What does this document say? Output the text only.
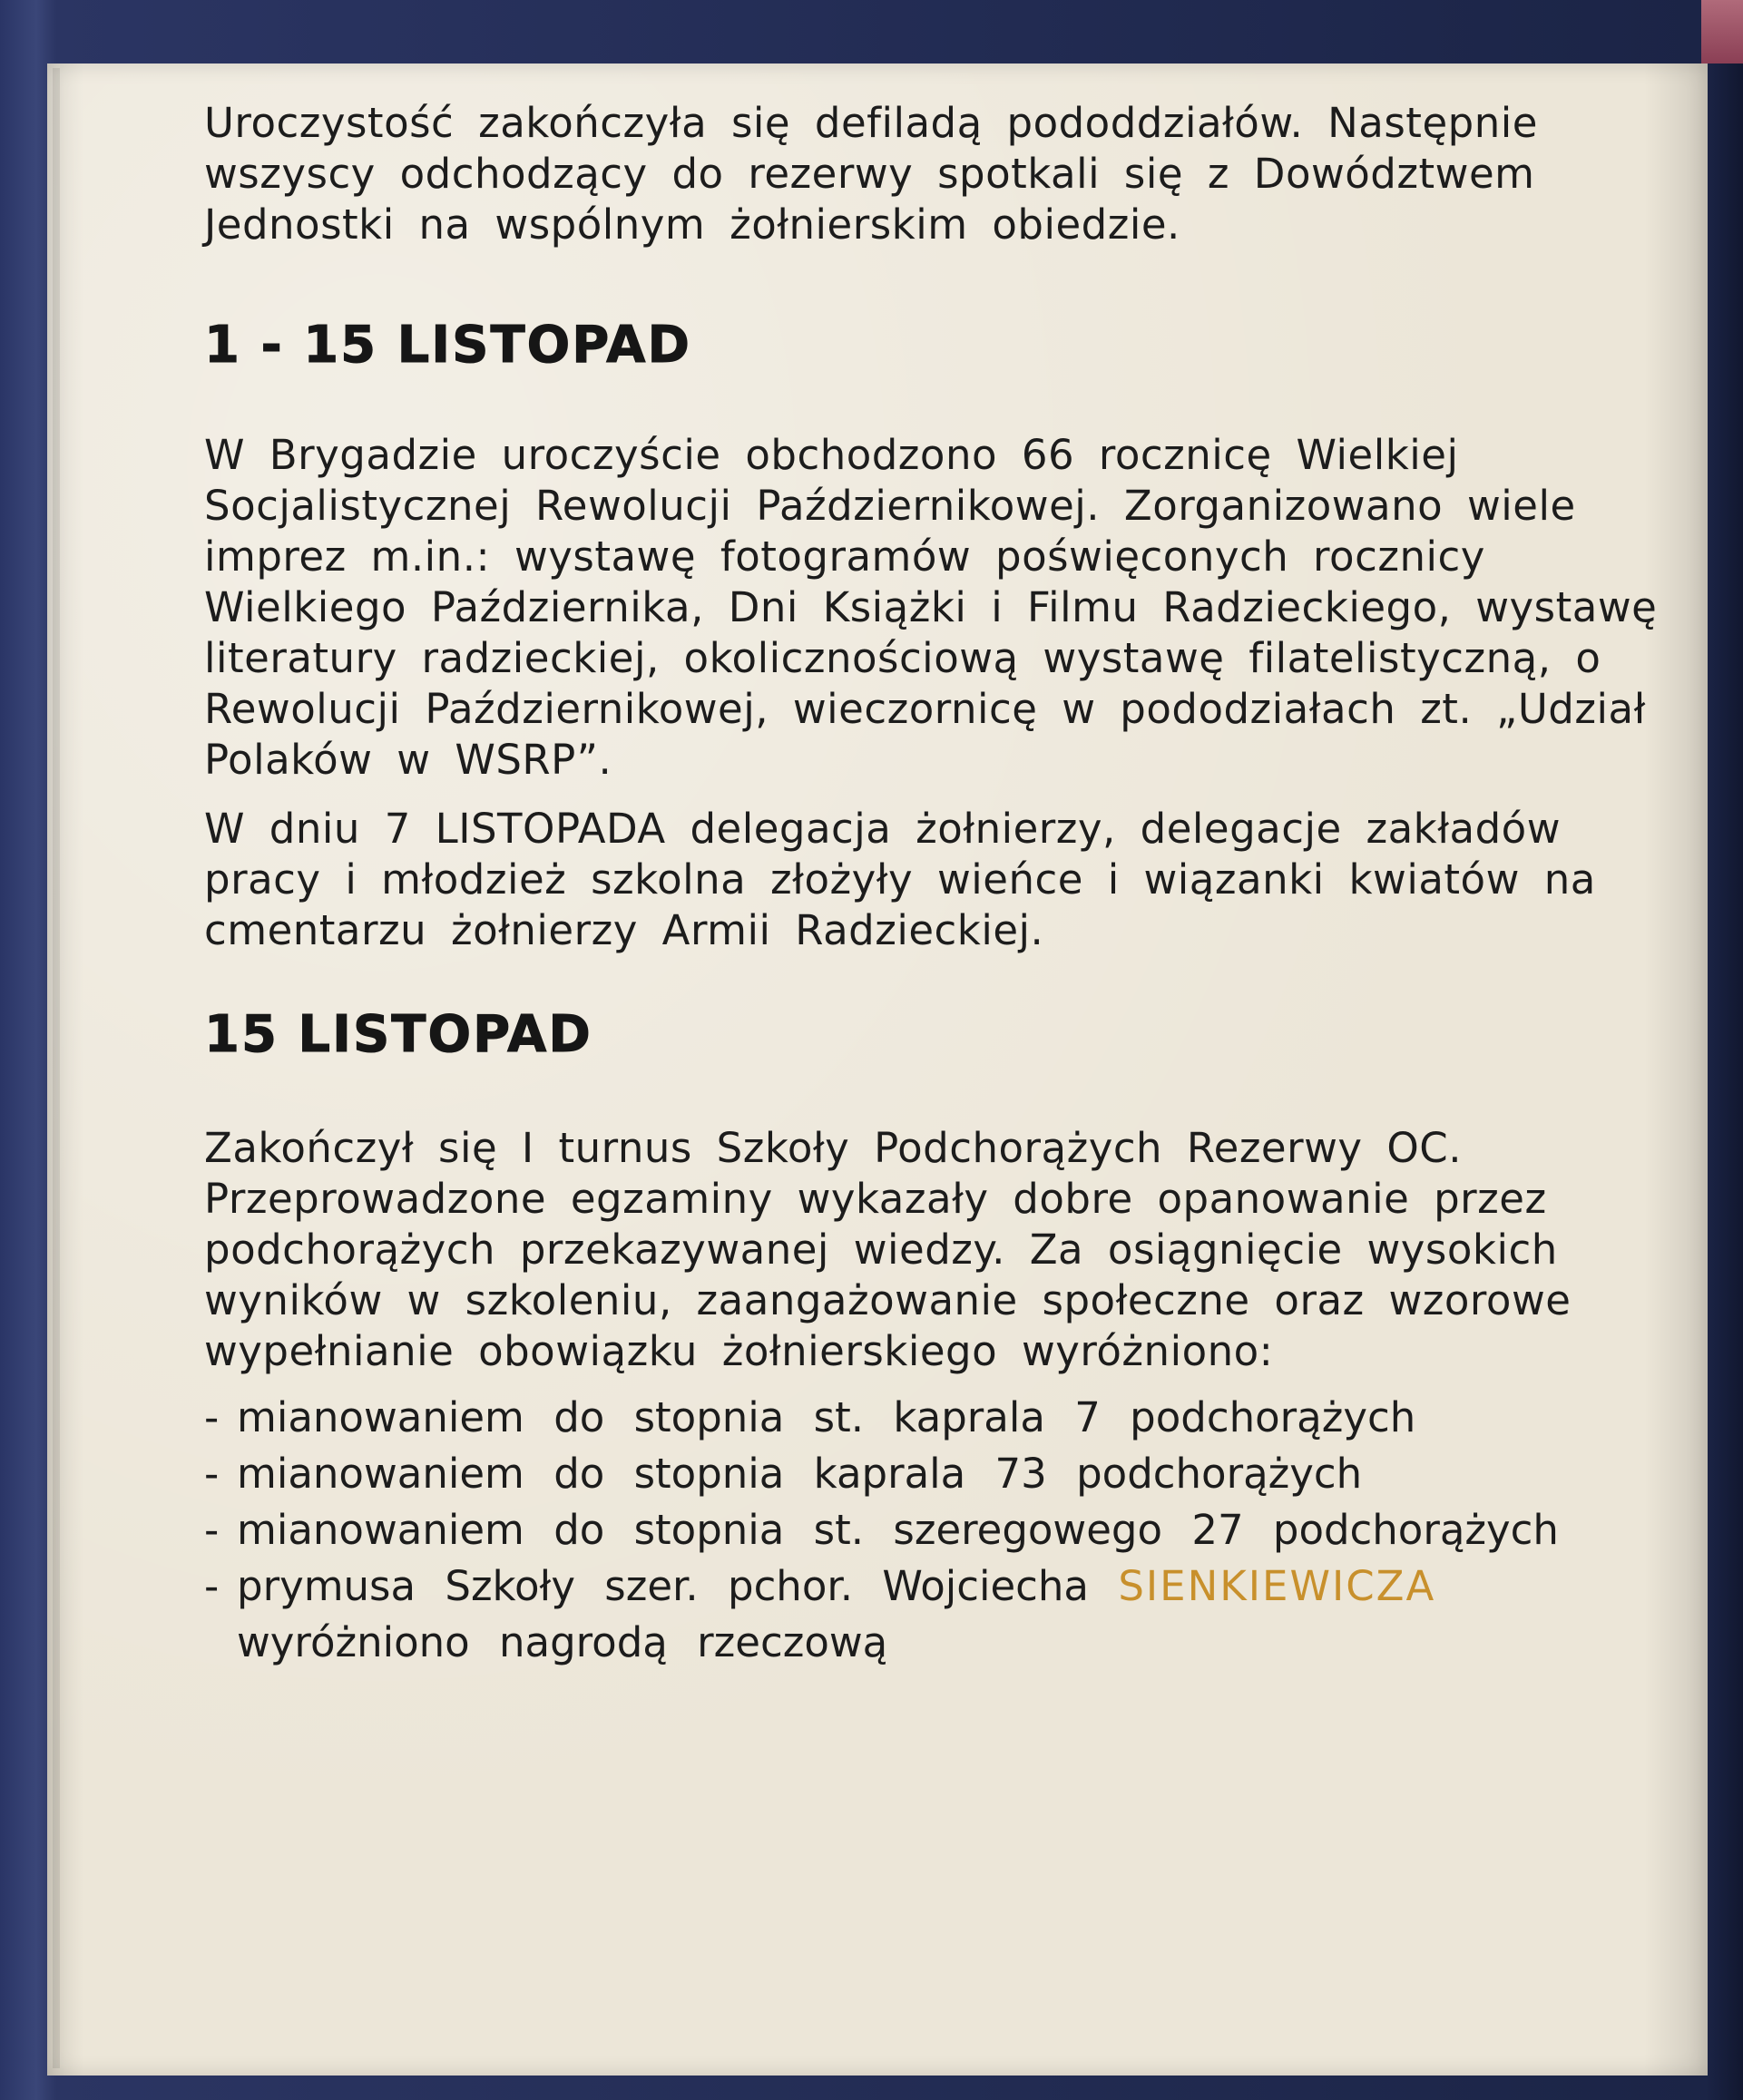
Uroczystość zakończyła się defiladą pododdziałów. Następnie wszyscy odchodzący do rezerwy spotkali się z Dowództwem Jednostki na wspólnym żołnierskim obiedzie.

1 - 15 LISTOPAD

W Brygadzie uroczyście obchodzono 66 rocznicę Wielkiej Socjalistycznej Rewolucji Październikowej. Zorganizowano wiele imprez m.in.: wystawę fotogramów poświęconych rocznicy Wielkiego Października, Dni Książki i Filmu Radzieckiego, wystawę literatury radzieckiej, okolicznościową wystawę filatelistyczną, o Rewolucji Październikowej, wieczornicę w pododziałach zt. „Udział Polaków w WSRP”.

W dniu 7 LISTOPADA delegacja żołnierzy, delegacje zakładów pracy i młodzież szkolna złożyły wieńce i wiązanki kwiatów na cmentarzu żołnierzy Armii Radzieckiej.

15 LISTOPAD

Zakończył się I turnus Szkoły Podchorążych Rezerwy OC. Przeprowadzone egzaminy wykazały dobre opanowanie przez podchorążych przekazywanej wiedzy. Za osiągnięcie wysokich wyników w szkoleniu, zaangażowanie społeczne oraz wzorowe wypełnianie obowiązku żołnierskiego wyróżniono:

- mianowaniem do stopnia st. kaprala 7 podchorążych
- mianowaniem do stopnia kaprala 73 podchorążych
- mianowaniem do stopnia st. szeregowego 27 podchorążych
- prymusa Szkoły szer. pchor. Wojciecha SIENKIEWICZA
wyróżniono nagrodą rzeczową
